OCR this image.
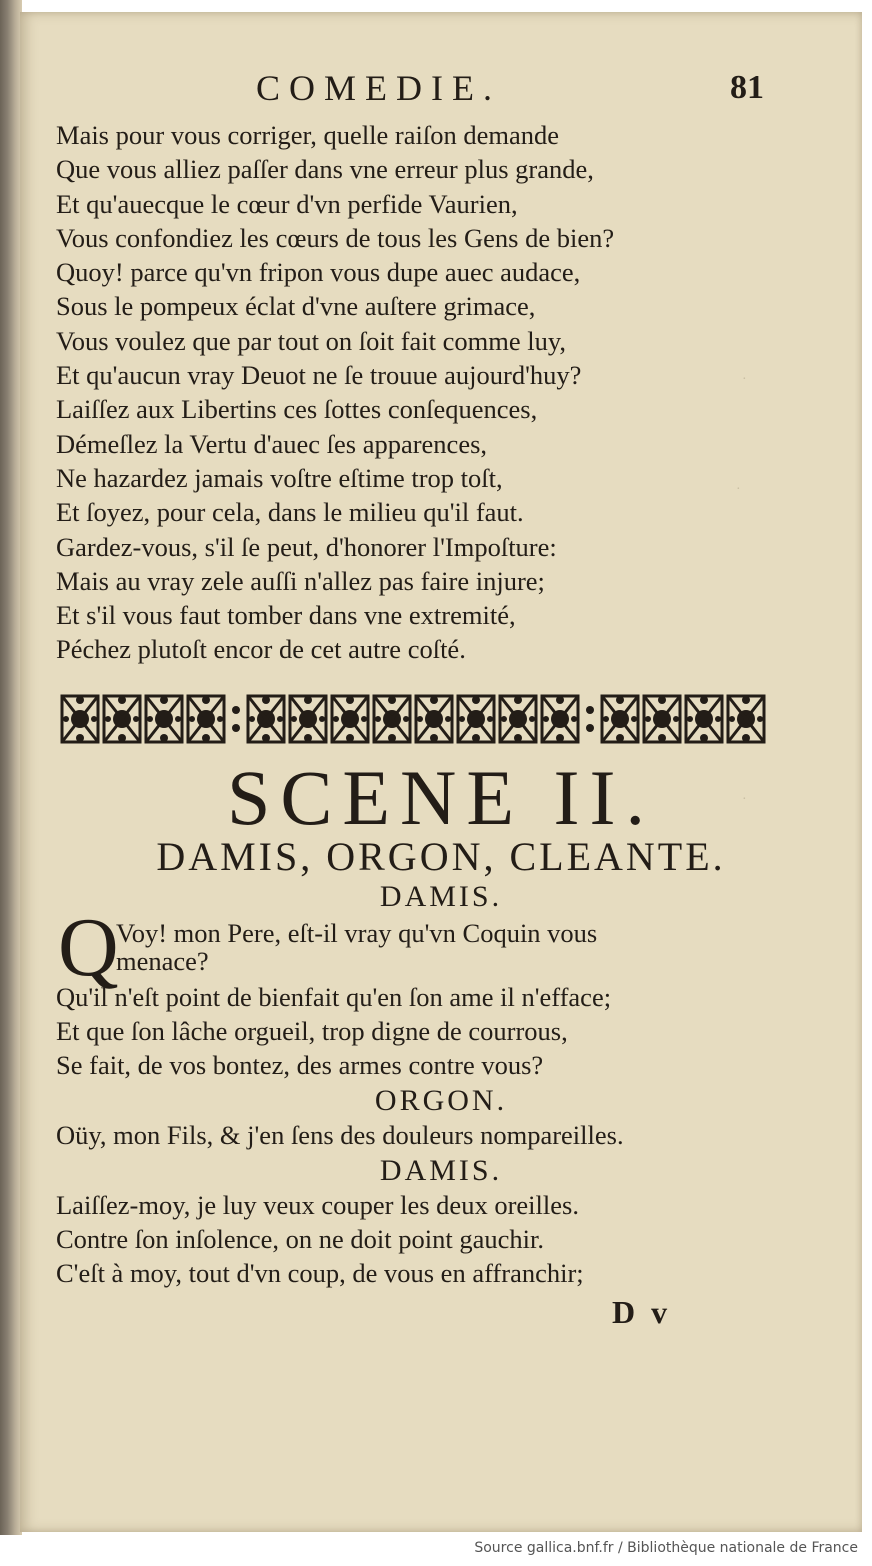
COMEDIE.	81
Mais pour vous corriger, quelle raiſon demande
Que vous alliez paſſer dans vne erreur plus grande,
Et qu'auecque le cœur d'vn perfide Vaurien,
Vous confondiez les cœurs de tous les Gens de bien?
Quoy! parce qu'vn fripon vous dupe auec audace,
Sous le pompeux éclat d'vne auſtere grimace,
Vous voulez que par tout on ſoit fait comme luy,
Et qu'aucun vray Deuot ne ſe trouue aujourd'huy?
Laiſſez aux Libertins ces ſottes conſequences,
Démeſlez la Vertu d'auec ſes apparences,
Ne hazardez jamais voſtre eſtime trop toſt,
Et ſoyez, pour cela, dans le milieu qu'il faut.
Gardez-vous, s'il ſe peut, d'honorer l'Impoſture:
Mais au vray zele auſſi n'allez pas faire injure;
Et s'il vous faut tomber dans vne extremité,
Péchez plutoſt encor de cet autre coſté.
SCENE II.
DAMIS, ORGON, CLEANTE.
DAMIS.
Q
Voy! mon Pere, eſt-il vray qu'vn Coquin vous
menace?
Qu'il n'eſt point de bienfait qu'en ſon ame il n'efface;
Et que ſon lâche orgueil, trop digne de courrous,
Se fait, de vos bontez, des armes contre vous?
ORGON.
Oüy, mon Fils, & j'en ſens des douleurs nompareilles.
DAMIS.
Laiſſez-moy, je luy veux couper les deux oreilles.
Contre ſon inſolence, on ne doit point gauchir.
C'eſt à moy, tout d'vn coup, de vous en affranchir;
D v
·
·
·
Source gallica.bnf.fr / Bibliothèque nationale de France
